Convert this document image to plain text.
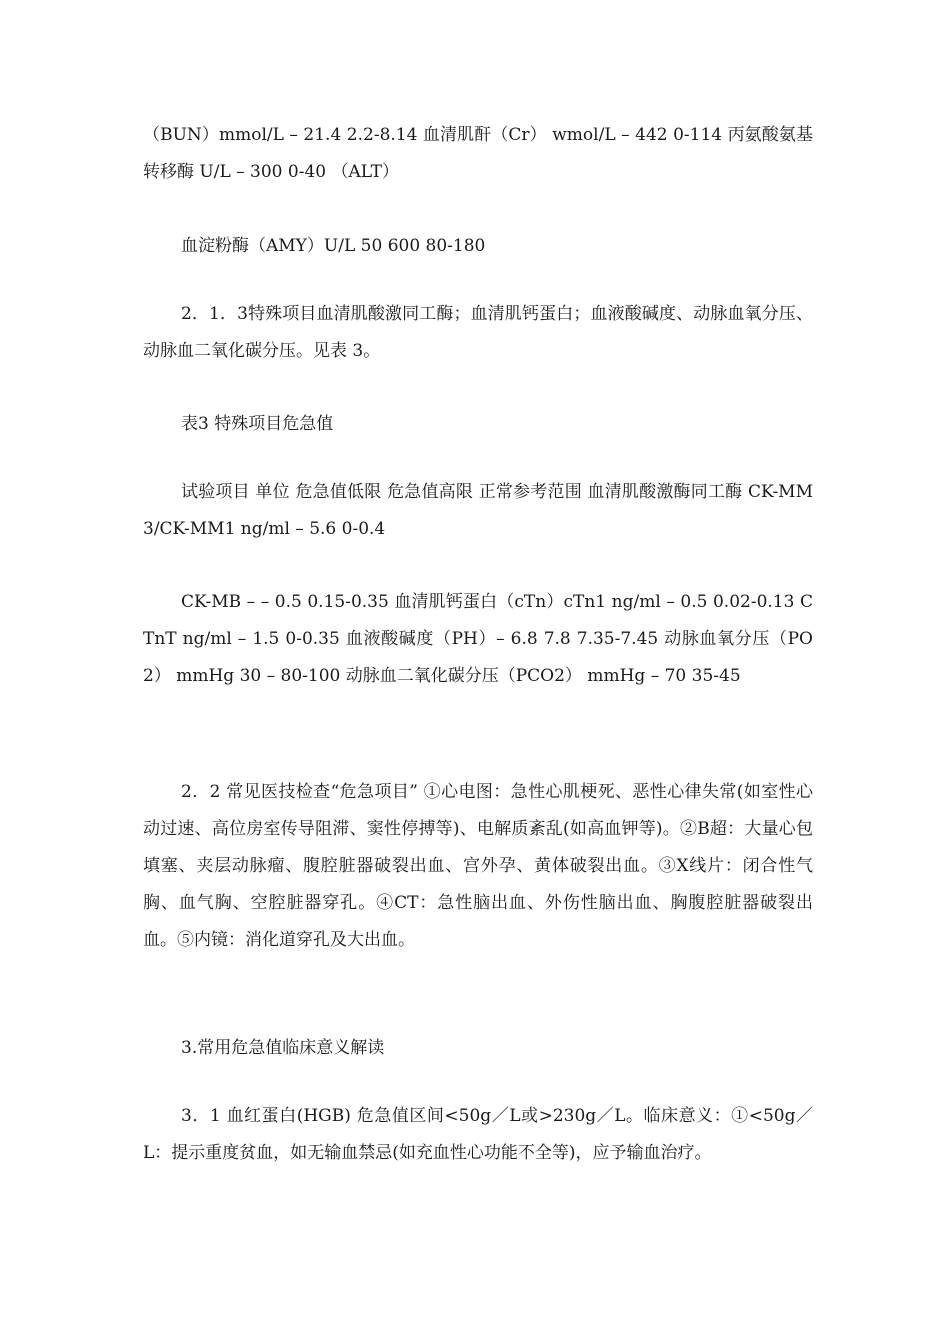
（BUN）mmol/L – 21.4 2.2-8.14 血清肌酐（Cr） wmol/L – 442 0-114 丙氨酸氨基转移酶 U/L – 300 0-40 （ALT）

血淀粉酶（AMY）U/L 50 600 80-180

2．1．3特殊项目血清肌酸激同工酶；血清肌钙蛋白；血液酸碱度、动脉血氧分压、动脉血二氧化碳分压。见表 3。

表3 特殊项目危急值

试验项目 单位 危急值低限 危急值高限 正常参考范围 血清肌酸激酶同工酶 CK-MM3/CK-MM1 ng/ml – 5.6 0-0.4

CK-MB – – 0.5 0.15-0.35 血清肌钙蛋白（cTn）cTn1 ng/ml – 0.5 0.02-0.13 CTnT ng/ml – 1.5 0-0.35 血液酸碱度（PH）– 6.8 7.8 7.35-7.45 动脉血氧分压（PO2） mmHg 30 – 80-100 动脉血二氧化碳分压（PCO2） mmHg – 70 35-45

2．2 常见医技检查“危急项目” ①心电图：急性心肌梗死、恶性心律失常(如室性心动过速、高位房室传导阻滞、窦性停搏等)、电解质紊乱(如高血钾等)。②B超：大量心包填塞、夹层动脉瘤、腹腔脏器破裂出血、宫外孕、黄体破裂出血。③X线片：闭合性气胸、血气胸、空腔脏器穿孔。④CT：急性脑出血、外伤性脑出血、胸腹腔脏器破裂出血。⑤内镜：消化道穿孔及大出血。

3.常用危急值临床意义解读

3．1 血红蛋白(HGB) 危急值区间<50g／L或>230g／L。临床意义：①<50g／L：提示重度贫血，如无输血禁忌(如充血性心功能不全等)，应予输血治疗。
